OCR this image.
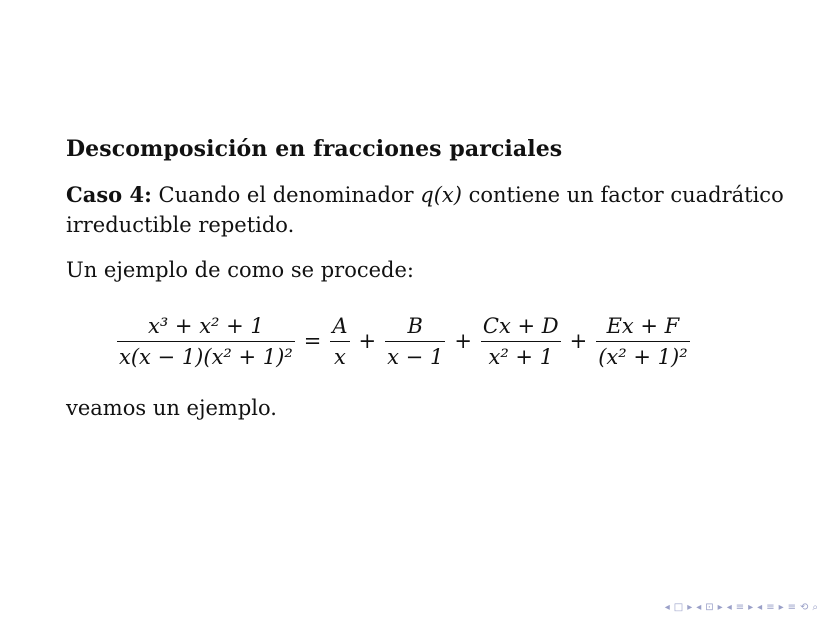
Descomposición en fracciones parciales
Caso 4: Cuando el denominador q(x) contiene un factor cuadrático
irreductible repetido.
Un ejemplo de como se procede:
$\frac{\text{x³ + x² + 1}}{\text{x(x − 1)(x² + 1)²}} = \frac{A}{x} + \frac{B}{x - 1} + \frac{Cx + D}{\text{x² + 1}} + \frac{Ex + F}{\text{(x² + 1)²}}$
veamos un ejemplo.
◂ □ ▸ ◂ ⊡ ▸ ◂ ≡ ▸ ◂ ≡ ▸ ≡ ⟲ ⌕
